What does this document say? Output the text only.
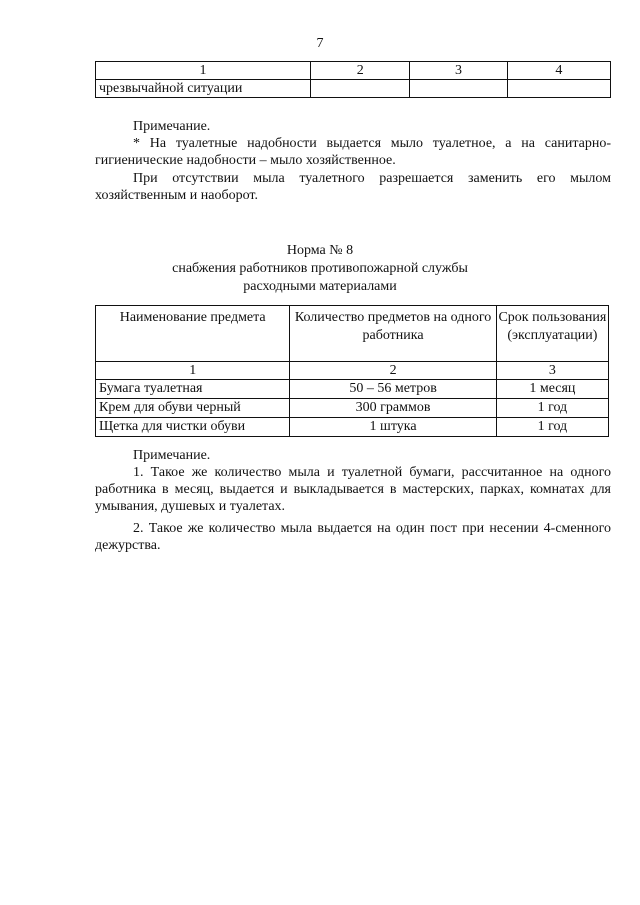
7
1	2	3	4
чрезвычайной ситуации			
Примечание.
* На туалетные надобности выдается мыло туалетное, а на санитарно-гигиенические надобности – мыло хозяйственное.
При отсутствии мыла туалетного разрешается заменить его мылом хозяйственным и наоборот.
Норма № 8
снабжения работников противопожарной службы
расходными материалами
Наименование предмета	Количество предметов на одного работника	Срок пользования (эксплуатации)
1	2	3
Бумага туалетная	50 – 56 метров	1 месяц
Крем для обуви черный	300 граммов	1 год
Щетка для чистки обуви	1 штука	1 год
Примечание.
1. Такое же количество мыла и туалетной бумаги, рассчитанное на одного работника в месяц, выдается и выкладывается в мастерских, парках, комнатах для умывания, душевых и туалетах.
2. Такое же количество мыла выдается на один пост при несении 4-сменного дежурства.
